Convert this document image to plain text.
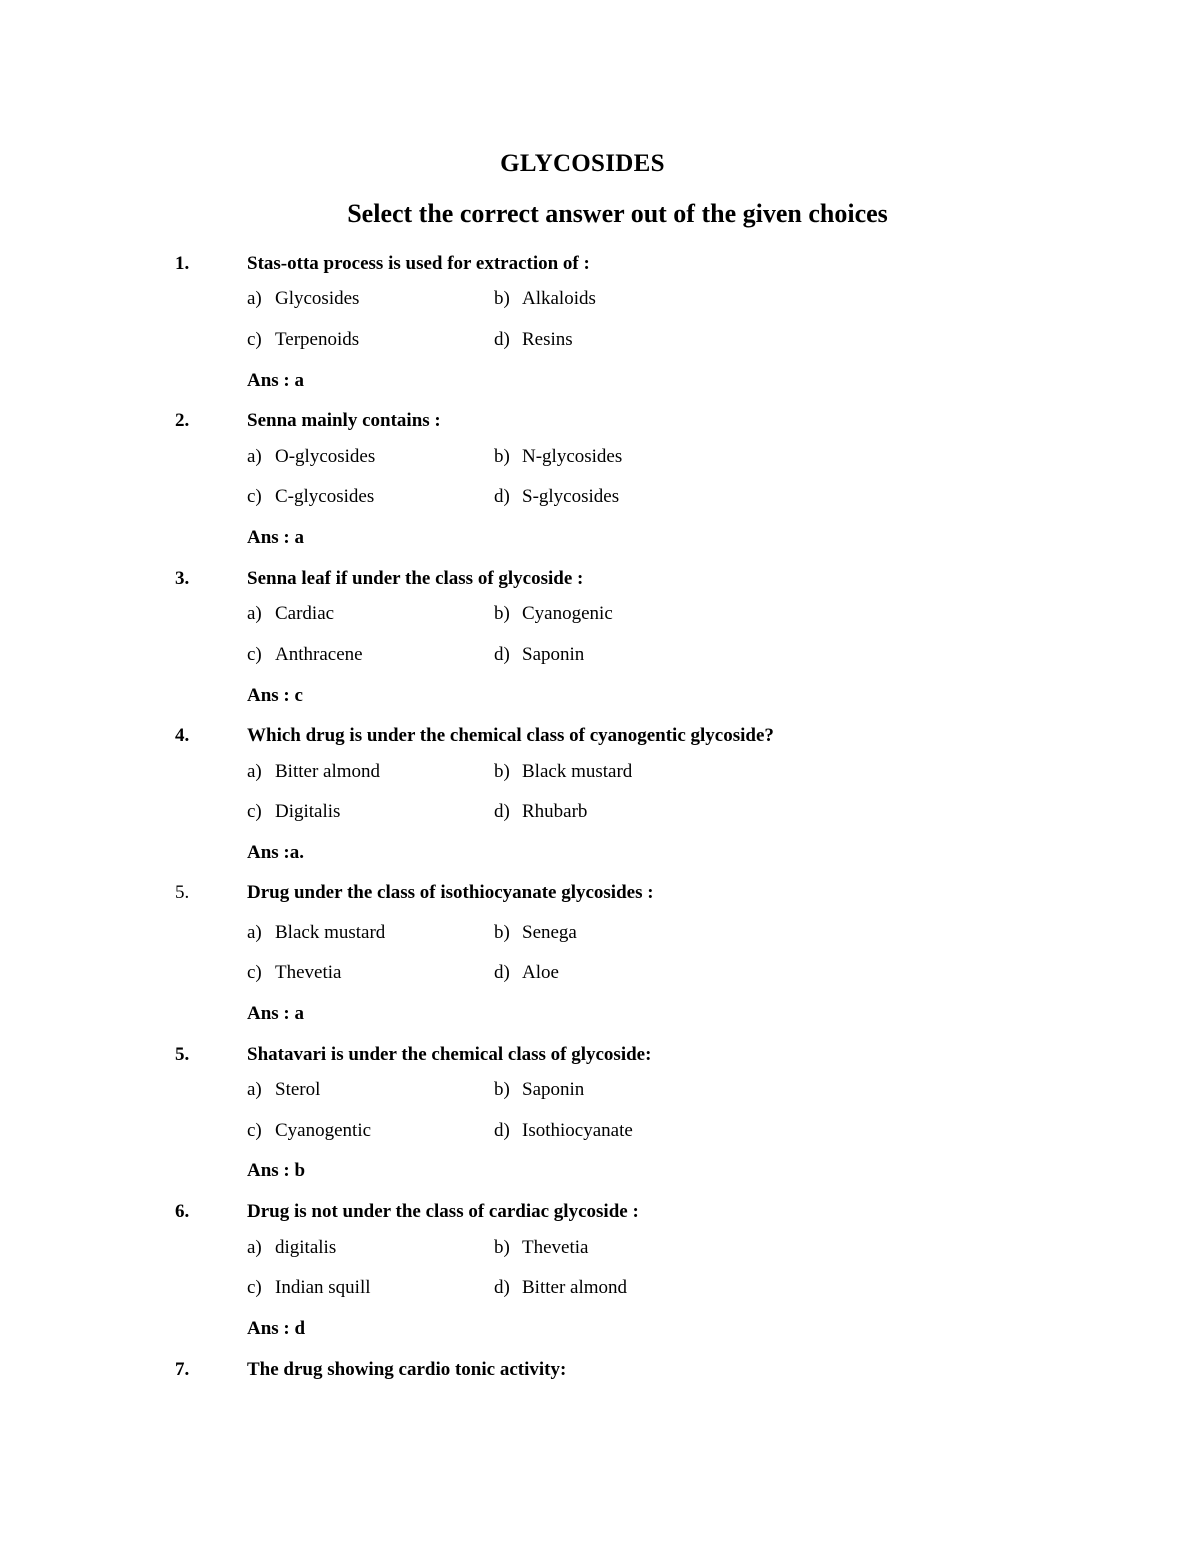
GLYCOSIDES
Select the correct answer out of the given choices
1.	Stas-otta process is used for extraction of :
a) Glycosides	b) Alkaloids
c) Terpenoids	d) Resins
Ans : a
2.	Senna mainly contains :
a) O-glycosides	b) N-glycosides
c) C-glycosides	d) S-glycosides
Ans : a
3.	Senna leaf if under the class of glycoside :
a) Cardiac	b) Cyanogenic
c) Anthracene	d) Saponin
Ans : c
4.	Which drug is under the chemical class of cyanogentic glycoside?
a) Bitter almond	b) Black mustard
c) Digitalis	d) Rhubarb
Ans :a.
5.	Drug under the class of isothiocyanate glycosides :
a) Black mustard	b) Senega
c) Thevetia	d) Aloe
Ans : a
5.	Shatavari is under the chemical class of glycoside:
a) Sterol	b) Saponin
c) Cyanogentic	d) Isothiocyanate
Ans : b
6.	Drug is not under the class of cardiac glycoside :
a) digitalis	b) Thevetia
c) Indian squill	d) Bitter almond
Ans : d
7.	The drug showing cardio tonic activity:
